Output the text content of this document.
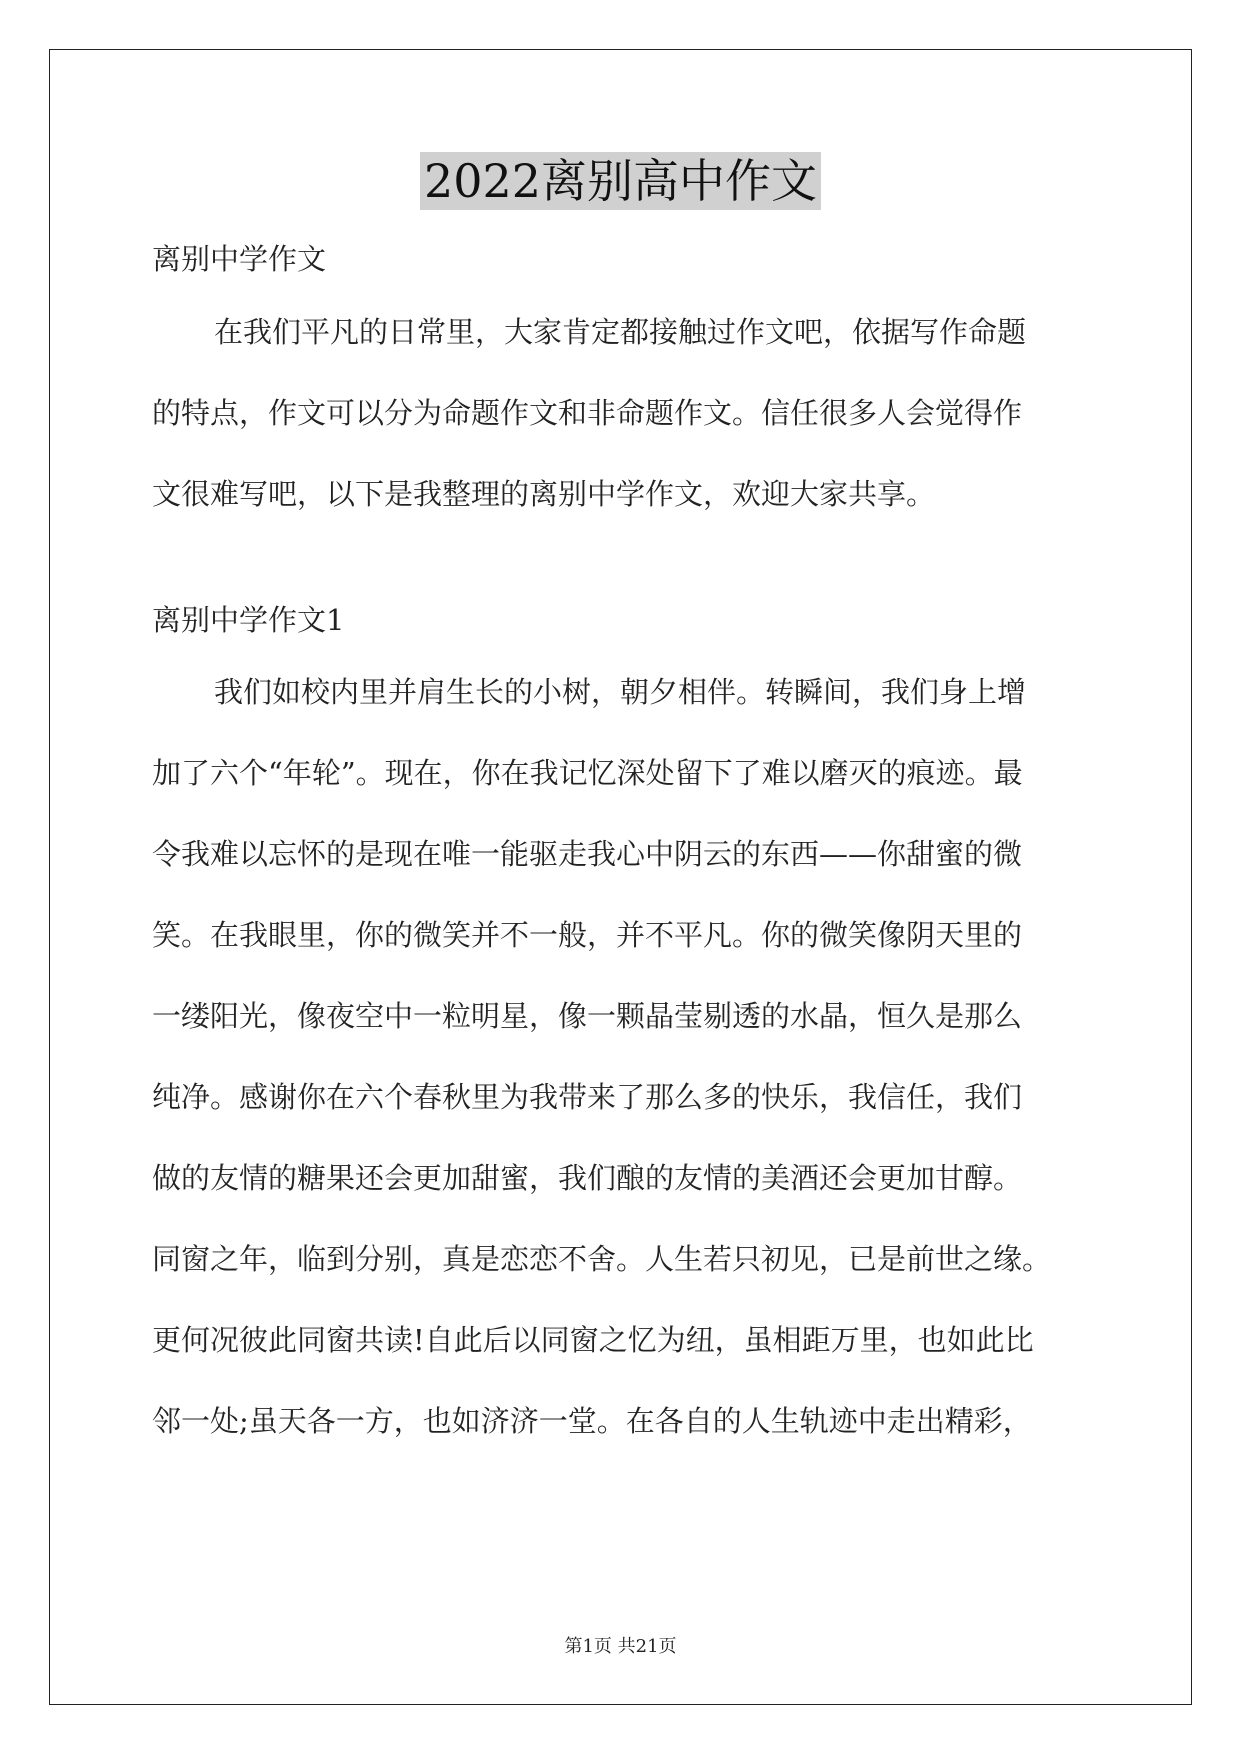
2022离别高中作文
离别中学作文
在我们平凡的日常里，大家肯定都接触过作文吧，依据写作命题
的特点，作文可以分为命题作文和非命题作文。信任很多人会觉得作
文很难写吧，以下是我整理的离别中学作文，欢迎大家共享。
离别中学作文1
我们如校内里并肩生长的小树，朝夕相伴。转瞬间，我们身上增
加了六个“年轮”。现在，你在我记忆深处留下了难以磨灭的痕迹。最
令我难以忘怀的是现在唯一能驱走我心中阴云的东西——你甜蜜的微
笑。在我眼里，你的微笑并不一般，并不平凡。你的微笑像阴天里的
一缕阳光，像夜空中一粒明星，像一颗晶莹剔透的水晶，恒久是那么
纯净。感谢你在六个春秋里为我带来了那么多的快乐，我信任，我们
做的友情的糖果还会更加甜蜜，我们酿的友情的美酒还会更加甘醇。
同窗之年，临到分别，真是恋恋不舍。人生若只初见，已是前世之缘。
更何况彼此同窗共读!自此后以同窗之忆为纽，虽相距万里，也如此比
邻一处;虽天各一方，也如济济一堂。在各自的人生轨迹中走出精彩，
第1页 共21页
